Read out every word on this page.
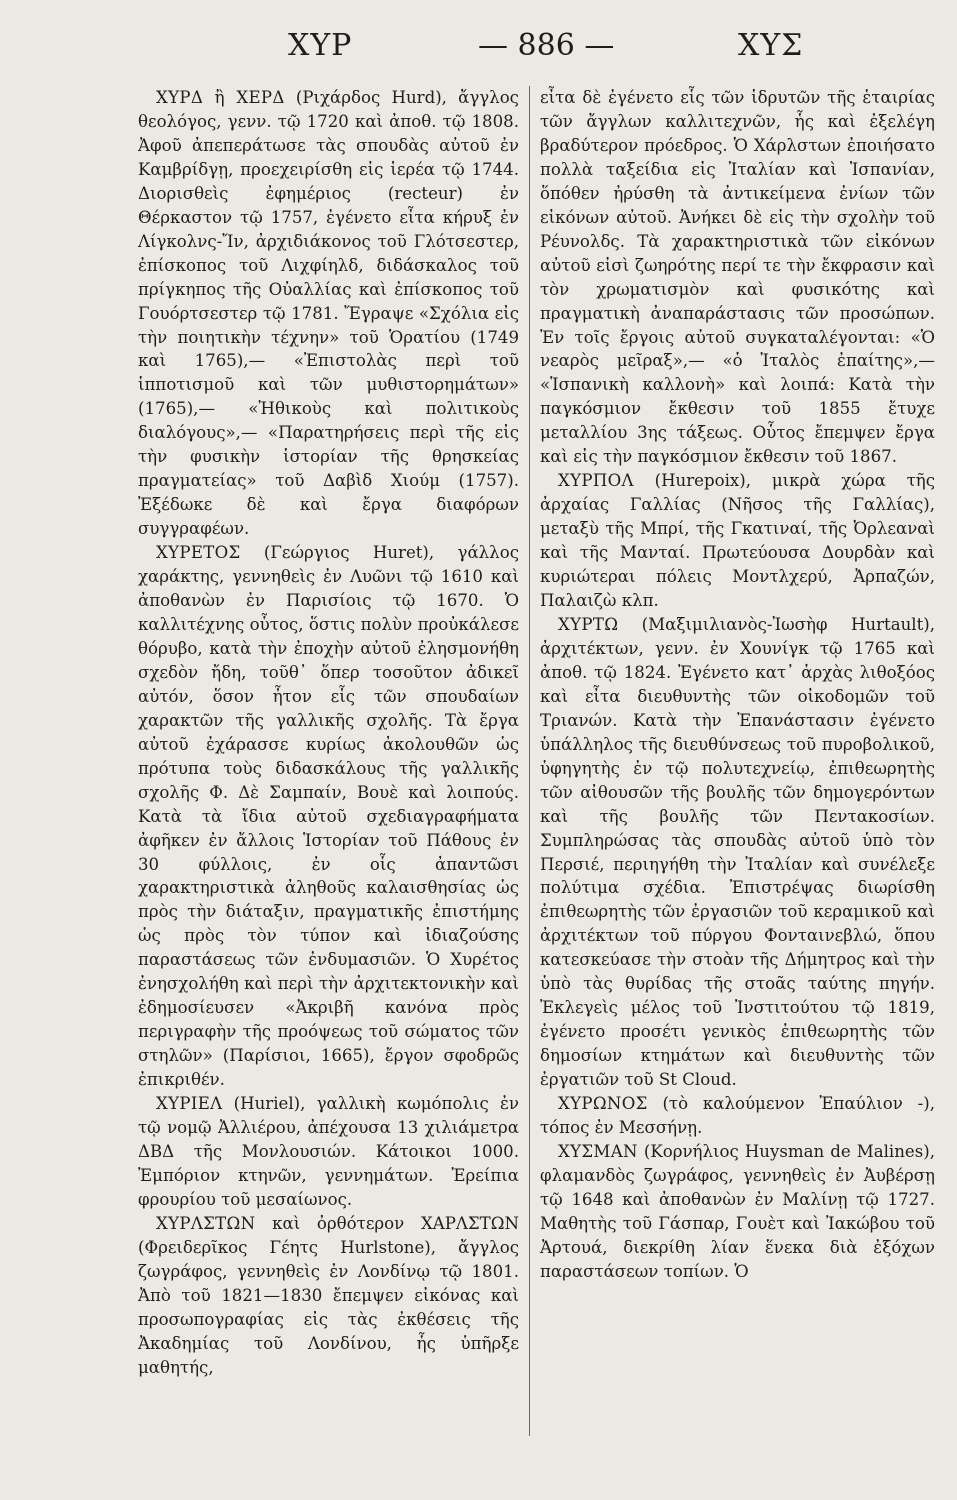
ΧΥΡ	— 886 —	ΧΥΣ

ΧΥΡΔ ἢ ΧΕΡΔ (Ριχάρδος Hurd), ἄγγλος θεολόγος, γενν. τῷ 1720 καὶ ἀποθ. τῷ 1808. Ἀφοῦ ἀπεπεράτωσε τὰς σπουδὰς αὐτοῦ ἐν Καμβρίδγῃ, προεχειρίσθη εἰς ἱερέα τῷ 1744. Διορισθεὶς ἐφημέριος (recteur) ἐν Θέρκαστον τῷ 1757, ἐγένετο εἶτα κήρυξ ἐν Λίγκολνς-Ἴν, ἀρχιδιάκονος τοῦ Γλότσεστερ, ἐπίσκοπος τοῦ Λιχφίηλδ, διδάσκαλος τοῦ πρίγκηπος τῆς Οὐαλλίας καὶ ἐπίσκοπος τοῦ Γουόρτσεστερ τῷ 1781. Ἔγραψε «Σχόλια εἰς τὴν ποιητικὴν τέχνην» τοῦ Ὁρατίου (1749 καὶ 1765),— «Ἐπιστολὰς περὶ τοῦ ἱπποτισμοῦ καὶ τῶν μυθιστορημάτων» (1765),— «Ἠθικοὺς καὶ πολιτικοὺς διαλόγους»,— «Παρατηρήσεις περὶ τῆς εἰς τὴν φυσικὴν ἱστορίαν τῆς θρησκείας πραγματείας» τοῦ Δαβὶδ Χιούμ (1757). Ἐξέδωκε δὲ καὶ ἔργα διαφόρων συγγραφέων.

ΧΥΡΕΤΟΣ (Γεώργιος Huret), γάλλος χαράκτης, γεννηθεὶς ἐν Λυῶνι τῷ 1610 καὶ ἀποθανὼν ἐν Παρισίοις τῷ 1670. Ὁ καλλιτέχνης οὗτος, ὅστις πολὺν προὐκάλεσε θόρυβο, κατὰ τὴν ἐποχὴν αὐτοῦ ἐλησμονήθη σχεδὸν ἤδη, τοῦθ᾽ ὅπερ τοσοῦτον ἀδικεῖ αὐτόν, ὅσον ἦτον εἷς τῶν σπουδαίων χαρακτῶν τῆς γαλλικῆς σχολῆς. Τὰ ἔργα αὐτοῦ ἐχάρασσε κυρίως ἀκολουθῶν ὡς πρότυπα τοὺς διδασκάλους τῆς γαλλικῆς σχολῆς Φ. Δὲ Σαμπαίν, Βουὲ καὶ λοιπούς. Κατὰ τὰ ἴδια αὐτοῦ σχεδιαγραφήματα ἀφῆκεν ἐν ἄλλοις Ἱστορίαν τοῦ Πάθους ἐν 30 φύλλοις, ἐν οἷς ἀπαντῶσι χαρακτηριστικὰ ἀληθοῦς καλαισθησίας ὡς πρὸς τὴν διάταξιν, πραγματικῆς ἐπιστήμης ὡς πρὸς τὸν τύπον καὶ ἰδιαζούσης παραστάσεως τῶν ἐνδυμασιῶν. Ὁ Χυρέτος ἐνησχολήθη καὶ περὶ τὴν ἀρχιτεκτονικὴν καὶ ἐδημοσίευσεν «Ἀκριβῆ κανόνα πρὸς περιγραφὴν τῆς προόψεως τοῦ σώματος τῶν στηλῶν» (Παρίσιοι, 1665), ἔργον σφοδρῶς ἐπικριθέν.

ΧΥΡΙΕΛ (Huriel), γαλλικὴ κωμόπολις ἐν τῷ νομῷ Ἀλλιέρου, ἀπέχουσα 13 χιλιάμετρα ΔΒΔ τῆς Μονλουσιών. Κάτοικοι 1000. Ἐμπόριον κτηνῶν, γεννημάτων. Ἐρείπια φρουρίου τοῦ μεσαίωνος.

ΧΥΡΛΣΤΩΝ καὶ ὀρθότερον ΧΑΡΛΣΤΩΝ (Φρειδερῖκος Γέητς Hurlstone), ἄγγλος ζωγράφος, γεννηθεὶς ἐν Λονδίνῳ τῷ 1801. Ἀπὸ τοῦ 1821—1830 ἔπεμψεν εἰκόνας καὶ προσωπογραφίας εἰς τὰς ἐκθέσεις τῆς Ἀκαδημίας τοῦ Λονδίνου, ἧς ὑπῆρξε μαθητής,

εἶτα δὲ ἐγένετο εἷς τῶν ἱδρυτῶν τῆς ἑταιρίας τῶν ἄγγλων καλλιτεχνῶν, ἧς καὶ ἐξελέγη βραδύτερον πρόεδρος. Ὁ Χάρλστων ἐποιήσατο πολλὰ ταξείδια εἰς Ἰταλίαν καὶ Ἱσπανίαν, ὅπόθεν ἠρύσθη τὰ ἀντικείμενα ἐνίων τῶν εἰκόνων αὐτοῦ. Ἀνήκει δὲ εἰς τὴν σχολὴν τοῦ Ρέυνολδς. Τὰ χαρακτηριστικὰ τῶν εἰκόνων αὐτοῦ εἰσὶ ζωηρότης περί τε τὴν ἔκφρασιν καὶ τὸν χρωματισμὸν καὶ φυσικότης καὶ πραγματικὴ ἀναπαράστασις τῶν προσώπων. Ἐν τοῖς ἔργοις αὐτοῦ συγκαταλέγονται: «Ὁ νεαρὸς μεῖραξ»,— «ὁ Ἰταλὸς ἐπαίτης»,— «Ἱσπανικὴ καλλονὴ» καὶ λοιπά: Κατὰ τὴν παγκόσμιον ἔκθεσιν τοῦ 1855 ἔτυχε μεταλλίου 3ης τάξεως. Οὗτος ἔπεμψεν ἔργα καὶ εἰς τὴν παγκόσμιον ἔκθεσιν τοῦ 1867.

ΧΥΡΠΟΛ (Hurepoix), μικρὰ χώρα τῆς ἀρχαίας Γαλλίας (Νῆσος τῆς Γαλλίας), μεταξὺ τῆς Μπρί, τῆς Γκατιναί, τῆς Ὀρλεαναὶ καὶ τῆς Μανταί. Πρωτεύουσα Δουρδὰν καὶ κυριώτεραι πόλεις Μοντλχερύ, Ἀρπαζών, Παλαιζὼ κλπ.

ΧΥΡΤΩ (Μαξιμιλιανὸς-Ἰωσὴφ Hurtault), ἀρχιτέκτων, γενν. ἐν Χουνίγκ τῷ 1765 καὶ ἀποθ. τῷ 1824. Ἐγένετο κατ᾽ ἀρχὰς λιθοξόος καὶ εἶτα διευθυντὴς τῶν οἰκοδομῶν τοῦ Τριανών. Κατὰ τὴν Ἐπανάστασιν ἐγένετο ὑπάλληλος τῆς διευθύνσεως τοῦ πυροβολικοῦ, ὑφηγητὴς ἐν τῷ πολυτεχνείῳ, ἐπιθεωρητὴς τῶν αἰθουσῶν τῆς βουλῆς τῶν δημογερόντων καὶ τῆς βουλῆς τῶν Πεντακοσίων. Συμπληρώσας τὰς σπουδὰς αὐτοῦ ὑπὸ τὸν Περσιέ, περιηγήθη τὴν Ἰταλίαν καὶ συνέλεξε πολύτιμα σχέδια. Ἐπιστρέψας διωρίσθη ἐπιθεωρητὴς τῶν ἐργασιῶν τοῦ κεραμικοῦ καὶ ἀρχιτέκτων τοῦ πύργου Φονταινεβλώ, ὅπου κατεσκεύασε τὴν στοὰν τῆς Δήμητρος καὶ τὴν ὑπὸ τὰς θυρίδας τῆς στοᾶς ταύτης πηγήν. Ἐκλεγεὶς μέλος τοῦ Ἰνστιτούτου τῷ 1819, ἐγένετο προσέτι γενικὸς ἐπιθεωρητὴς τῶν δημοσίων κτημάτων καὶ διευθυντὴς τῶν ἐργατιῶν τοῦ St Cloud.

ΧΥΡΩΝΟΣ (τὸ καλούμενον Ἐπαύλιον -), τόπος ἐν Μεσσήνῃ.

ΧΥΣΜΑΝ (Κορνήλιος Huysman de Malines), φλαμανδὸς ζωγράφος, γεννηθεὶς ἐν Ἀυβέρσῃ τῷ 1648 καὶ ἀποθανὼν ἐν Μαλίνῃ τῷ 1727. Μαθητὴς τοῦ Γάσπαρ, Γουὲτ καὶ Ἰακώβου τοῦ Ἀρτουά, διεκρίθη λίαν ἕνεκα διὰ ἐξόχων παραστάσεων τοπίων. Ὁ
